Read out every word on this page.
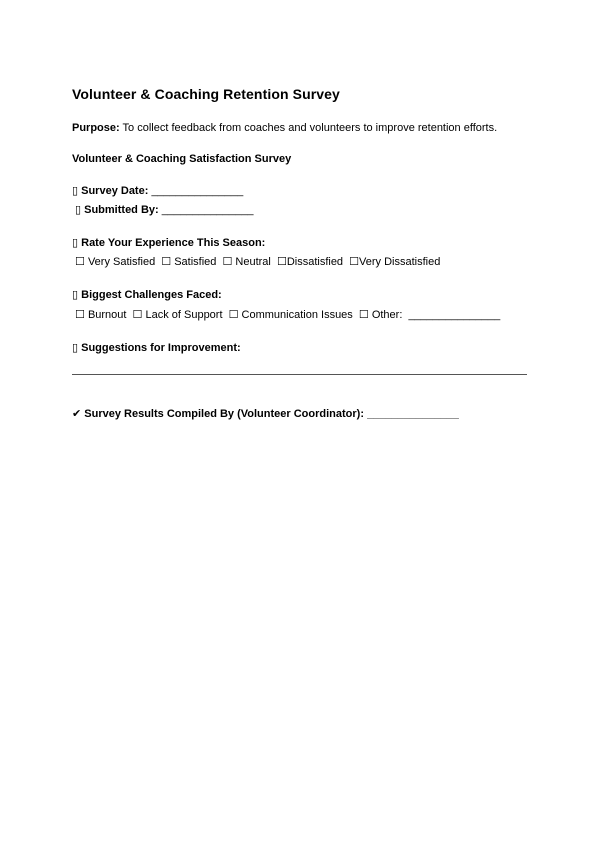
Volunteer & Coaching Retention Survey
Purpose: To collect feedback from coaches and volunteers to improve retention efforts.
Volunteer & Coaching Satisfaction Survey
▯ Survey Date: _______________
▯ Submitted By: _______________
▯ Rate Your Experience This Season:
☐ Very Satisfied ☐ Satisfied ☐ Neutral ☐Dissatisfied ☐Very Dissatisfied
▯ Biggest Challenges Faced:
☐ Burnout ☐ Lack of Support ☐ Communication Issues ☐ Other: _______________
▯ Suggestions for Improvement:
✔ Survey Results Compiled By (Volunteer Coordinator): _______________
